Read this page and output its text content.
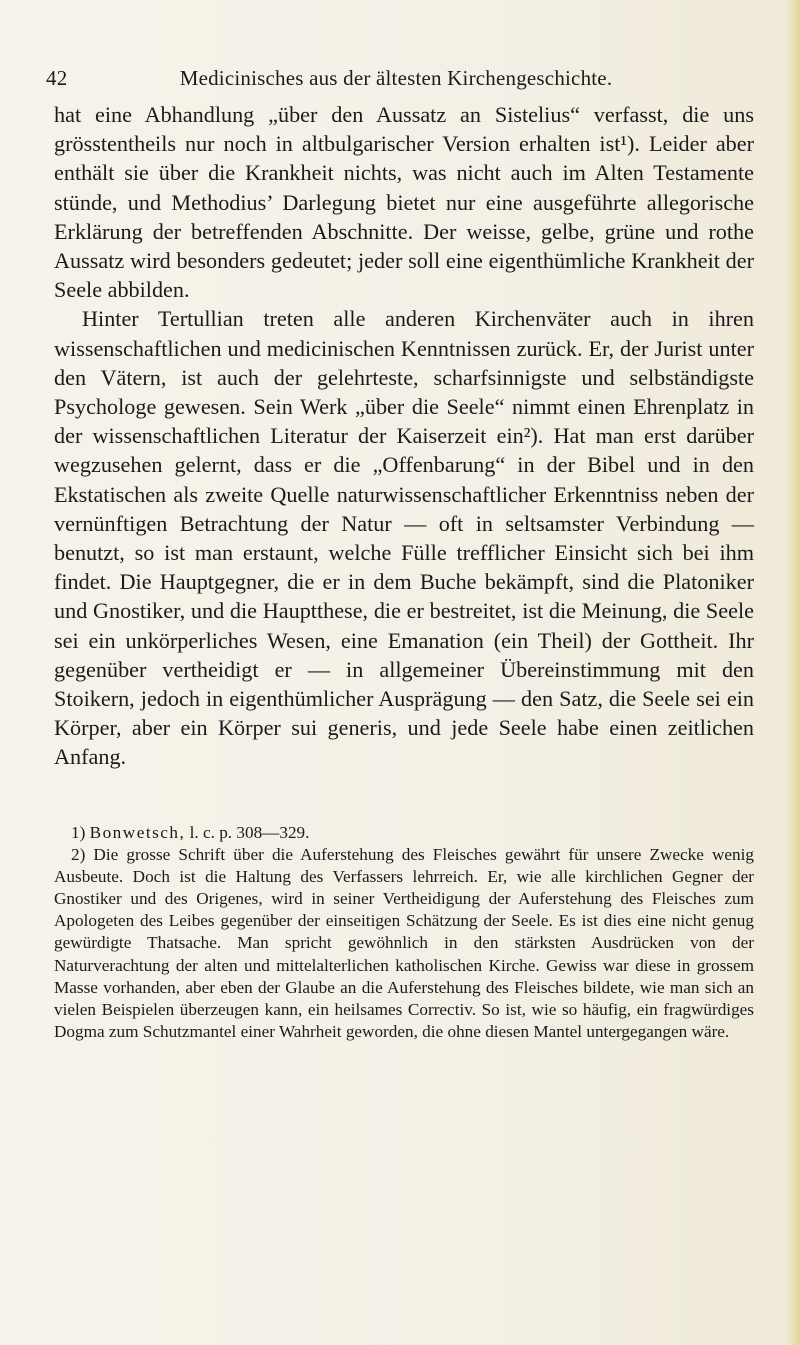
42	Medicinisches aus der ältesten Kirchengeschichte.

hat eine Abhandlung „über den Aussatz an Sistelius“ verfasst, die uns grösstentheils nur noch in altbulgarischer Version erhalten ist¹). Leider aber enthält sie über die Krankheit nichts, was nicht auch im Alten Testamente stünde, und Methodius’ Darlegung bietet nur eine ausgeführte allegorische Erklärung der betreffenden Abschnitte. Der weisse, gelbe, grüne und rothe Aussatz wird besonders gedeutet; jeder soll eine eigenthümliche Krankheit der Seele abbilden.

Hinter Tertullian treten alle anderen Kirchenväter auch in ihren wissenschaftlichen und medicinischen Kenntnissen zurück. Er, der Jurist unter den Vätern, ist auch der gelehrteste, scharfsinnigste und selbständigste Psychologe gewesen. Sein Werk „über die Seele“ nimmt einen Ehrenplatz in der wissenschaftlichen Literatur der Kaiserzeit ein²). Hat man erst darüber wegzusehen gelernt, dass er die „Offenbarung“ in der Bibel und in den Ekstatischen als zweite Quelle naturwissenschaftlicher Erkenntniss neben der vernünftigen Betrachtung der Natur — oft in seltsamster Verbindung — benutzt, so ist man erstaunt, welche Fülle trefflicher Einsicht sich bei ihm findet. Die Hauptgegner, die er in dem Buche bekämpft, sind die Platoniker und Gnostiker, und die Hauptthese, die er bestreitet, ist die Meinung, die Seele sei ein unkörperliches Wesen, eine Emanation (ein Theil) der Gottheit. Ihr gegenüber vertheidigt er — in allgemeiner Übereinstimmung mit den Stoikern, jedoch in eigenthümlicher Ausprägung — den Satz, die Seele sei ein Körper, aber ein Körper sui generis, und jede Seele habe einen zeitlichen Anfang.

1) Bonwetsch, l. c. p. 308—329.

2) Die grosse Schrift über die Auferstehung des Fleisches gewährt für unsere Zwecke wenig Ausbeute. Doch ist die Haltung des Verfassers lehrreich. Er, wie alle kirchlichen Gegner der Gnostiker und des Origenes, wird in seiner Vertheidigung der Auferstehung des Fleisches zum Apologeten des Leibes gegenüber der einseitigen Schätzung der Seele. Es ist dies eine nicht genug gewürdigte Thatsache. Man spricht gewöhnlich in den stärksten Ausdrücken von der Naturverachtung der alten und mittelalterlichen katholischen Kirche. Gewiss war diese in grossem Masse vorhanden, aber eben der Glaube an die Auferstehung des Fleisches bildete, wie man sich an vielen Beispielen überzeugen kann, ein heilsames Correctiv. So ist, wie so häufig, ein fragwürdiges Dogma zum Schutzmantel einer Wahrheit geworden, die ohne diesen Mantel untergegangen wäre.
